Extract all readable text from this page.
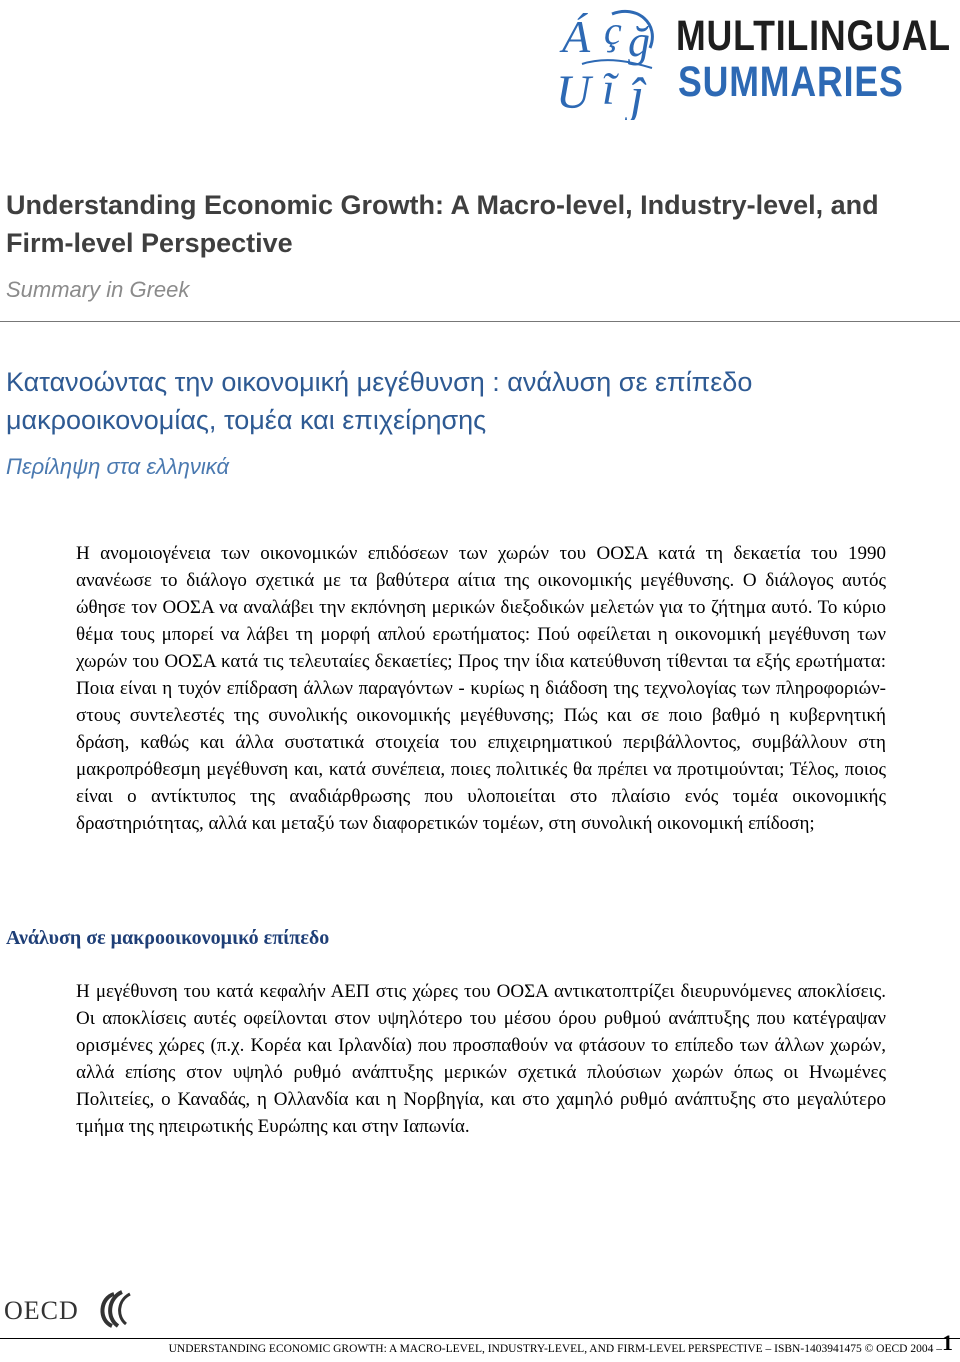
Á ç ğ
U ĩ ĵ
MULTILINGUAL
SUMMARIES
Understanding Economic Growth: A Macro-level, Industry-level, and Firm-level Perspective
Summary in Greek
Κατανοώντας την οικονομική μεγέθυνση : ανάλυση σε επίπεδο μακροοικονομίας, τομέα και επιχείρησης
Περίληψη στα ελληνικά
Η ανομοιογένεια των οικονομικών επιδόσεων των χωρών του ΟΟΣΑ κατά τη δεκαετία του 1990 ανανέωσε το διάλογο σχετικά με τα βαθύτερα αίτια της οικονομικής μεγέθυνσης. Ο διάλογος αυτός ώθησε τον ΟΟΣΑ να αναλάβει την εκπόνηση μερικών διεξοδικών μελετών για το ζήτημα αυτό. Το κύριο θέμα τους μπορεί να λάβει τη μορφή απλού ερωτήματος: Πού οφείλεται η οικονομική μεγέθυνση των χωρών του ΟΟΣΑ κατά τις τελευταίες δεκαετίες; Προς την ίδια κατεύθυνση τίθενται τα εξής ερωτήματα: Ποια είναι η τυχόν επίδραση άλλων παραγόντων - κυρίως η διάδοση της τεχνολογίας των πληροφοριών- στους συντελεστές της συνολικής οικονομικής μεγέθυνσης; Πώς και σε ποιο βαθμό η κυβερνητική δράση, καθώς και άλλα συστατικά στοιχεία του επιχειρηματικού περιβάλλοντος, συμβάλλουν στη μακροπρόθεσμη μεγέθυνση και, κατά συνέπεια, ποιες πολιτικές θα πρέπει να προτιμούνται; Τέλος, ποιος είναι ο αντίκτυπος της αναδιάρθρωσης που υλοποιείται στο πλαίσιο ενός τομέα οικονομικής δραστηριότητας, αλλά και μεταξύ των διαφορετικών τομέων, στη συνολική οικονομική επίδοση;
Ανάλυση σε μακροοικονομικό επίπεδο
Η μεγέθυνση του κατά κεφαλήν ΑΕΠ στις χώρες του ΟΟΣΑ αντικατοπτρίζει διευρυνόμενες αποκλίσεις. Οι αποκλίσεις αυτές οφείλονται στον υψηλότερο του μέσου όρου ρυθμού ανάπτυξης που κατέγραψαν ορισμένες χώρες (π.χ. Κορέα και Ιρλανδία) που προσπαθούν να φτάσουν το επίπεδο των άλλων χωρών, αλλά επίσης στον υψηλό ρυθμό ανάπτυξης μερικών σχετικά πλούσιων χωρών όπως οι Ηνωμένες Πολιτείες, ο Καναδάς, η Ολλανδία και η Νορβηγία, και στο χαμηλό ρυθμό ανάπτυξης στο μεγαλύτερο τμήμα της ηπειρωτικής Ευρώπης και στην Ιαπωνία.
OECD
UNDERSTANDING ECONOMIC GROWTH: A MACRO-LEVEL, INDUSTRY-LEVEL, AND FIRM-LEVEL PERSPECTIVE – ISBN-1403941475 © OECD 2004 – 1
